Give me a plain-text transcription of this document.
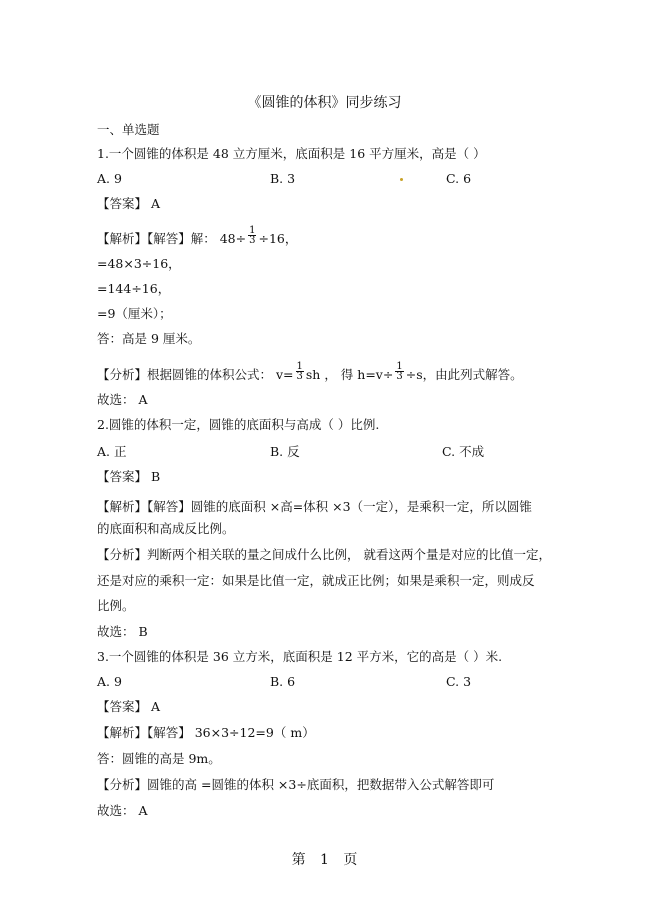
《圆锥的体积》同步练习
一、单选题
1.一个圆锥的体积是 48 立方厘米，底面积是 16 平方厘米，高是（ ）
A. 9	B. 3	C. 6
【答案】 A
【解析】【解答】解： $48\div \frac{1}{3} \div 16$，
=48×3÷16，
=144÷16，
=9（厘米）；
答：高是 9 厘米。
【分析】根据圆锥的体积公式： $v= \frac{1}{3}$ sh ， 得 $h=v\div \frac{1}{3} \div s$，由此列式解答。
故选： A
2.圆锥的体积一定，圆锥的底面积与高成（ ）比例.
A. 正	B. 反	C. 不成
【答案】 B
【解析】【解答】圆锥的底面积 ×高=体积 ×3（一定），是乘积一定，所以圆锥
的底面积和高成反比例。
【分析】判断两个相关联的量之间成什么比例， 就看这两个量是对应的比值一定，
还是对应的乘积一定：如果是比值一定，就成正比例；如果是乘积一定，则成反
比例。
故选： B
3.一个圆锥的体积是 36 立方米，底面积是 12 平方米，它的高是（ ）米.
A. 9	B. 6	C. 3
【答案】 A
【解析】【解答】 36×3÷12=9（ m）
答：圆锥的高是 9m。
【分析】圆锥的高 =圆锥的体积 ×3÷底面积，把数据带入公式解答即可
故选： A
第 1 页
